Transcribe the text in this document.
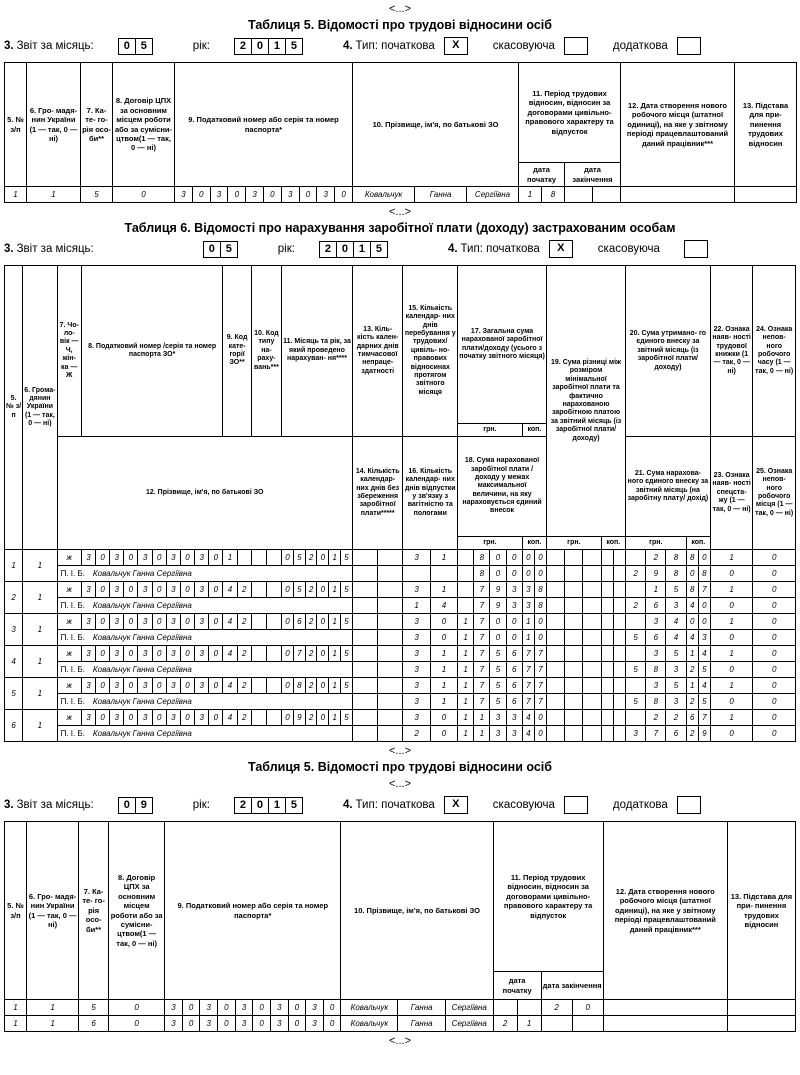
<...>
Таблиця 5. Відомості про трудові відносини осіб
3. Звіт за місяць:	0 5	рік:	2 0 1 5	4. Тип: початкова	X	скасовуюча
	додаткова

5. № з/п	6. Гро- мадя- нин України (1 — так, 0 — ні)	7. Ка- те- го- рія осо- би**	8. Договір ЦПХ за основним місцем роботи або за сумісни- цтвом(1 — так, 0 — ні)	9. Податковий номер або серія та номер паспорта*	10. Прізвище, ім'я, по батькові ЗО	11. Період трудових відносин, відносин за договорами цивільно-правового характеру та відпусток		12. Дата створення нового робочого місця (штатної одиниці), на яке у звітному періоді працевлаштований даний працівник***	13. Підстава для при- пинення трудових відносин
						дата початку	дата закінчення		
1	1	5	0	3	0	3	0	3	0	3	0	3	0	Ковальчук	Ганна	Сергіївна	1	8

<...>
Таблиця 6. Відомості про нарахування заробітної плати (доходу) застрахованим особам
3. Звіт за місяць:	0 5	рік:	2 0 1 5	4. Тип: початкова	X	скасовуюча

5. № з/п	6. Грома- дянин України (1 — так, 0 — ні)	7. Чо- ло- вік — Ч, жін- ка — Ж	8. Податковий номер /серія та номер паспорта ЗО*	9. Код кате- горії ЗО**	10. Код типу на- раху- вань***	11. Місяць та рік, за який проведено нарахуван- ня****	13. Кіль- кість кален- дарних днів тимчасової непраце- здатності	15. Кількість календар- них днів перебування у трудових/ цивіль- но-правових відносинах протягом звітного місяця	17. Загальна сума нарахованої заробітної плати/доходу (усього з початку звітного місяця)		19. Сума різниці між розміром мінімальної заробітної плати та фактично нарахованою заробітною платою за звітний місяць (із заробітної плати/ доходу)		20. Сума утримано- го єдиного внеску за звітний місяць (із заробітної плати/ доходу)		22. Ознака наяв- ності трудової книжки (1 — так, 0 — ні)	24. Ознака непов- ного робочого часу (1 — так, 0 — ні)
									грн.	коп.						
		12. Прізвище, ім'я, по батькові ЗО					14. Кількість календар- них днів без збереження заробітної плати*****	16. Кількість календар- них днів відпустки у зв'язку з вагітністю та пологами	18. Сума нарахованої заробітної плати / доходу у межах максимальної величини, на яку нараховується єдиний внесок				21. Сума нарахова- ного єдиного внеску за звітний місяць (на заробітну плату/ дохід)		23. Ознака наяв- ності спецста- жу (1 — так, 0 — ні)	25. Ознака непов- ного робочого місця (1 — так, 0 — ні)
									грн.	коп.	грн.	коп.	грн.	коп.		
1	1	ж	3	0	3	0	3	0	3	0	3	0	1		0 5 2 0 1 5		3	1	8	0	0	0 0			2	8	8 0	1	0
		П. І. Б. Ковальчук Ганна Сергіївна							8 0 0	0 0			2 9 8	0 8	0	0
2	1	ж	3	0	3	0	3	0	3	0	3	0	4	2		0 5 2 0 1 5		3	1	7	9	3	3 8			1	5	8 7	1	0
		П. І. Б. Ковальчук Ганна Сергіївна						1 4	7 9 3	3 8			2 6 3	4 0	0	0
3	1	ж	3	0	3	0	3	0	3	0	3	0	4	2		0 6 2 0 1 5		3	0	1	7	0	0	1 0			3	4	0 0	1	0
		П. І. Б. Ковальчук Ганна Сергіївна						3 0	1 7 0 0	1 0			5 6 4	4 3	0	0
4	1	ж	3	0	3	0	3	0	3	0	3	0	4	2		0 7 2 0 1 5		3	1	1	7	5	6	7 7			3	5	1 4	1	0
		П. І. Б. Ковальчук Ганна Сергіївна						3 1	1 7 5 6	7 7			5 8 3	2 5	0	0
5	1	ж	3	0	3	0	3	0	3	0	3	0	4	2		0 8 2 0 1 5		3	1	1	7	5	6	7 7			3	5	1 4	1	0
		П. І. Б. Ковальчук Ганна Сергіївна						3 1	1 7 5 6	7 7			5 8 3	2 5	0	0
6	1	ж	3	0	3	0	3	0	3	0	3	0	4	2		0 9 2 0 1 5		3	0	1	1	3	3	4 0			2	2	6 7	1	0
		П. І. Б. Ковальчук Ганна Сергіївна						2 0	1 1 3 3	4 0			3 7 6	2 9	0	0
<...>
Таблиця 5. Відомості про трудові відносини осіб
<...>
3. Звіт за місяць:	0 9	рік:	2 0 1 5	4. Тип: початкова	X	скасовуюча
	додаткова

5. № з/п	6. Гро- мадя- нин України (1 — так, 0 — ні)	7. Ка- те- го- рія осо- би**	8. Договір ЦПХ за основним місцем роботи або за сумісни- цтвом(1 — так, 0 — ні)	9. Податковий номер або серія та номер паспорта*	10. Прізвище, ім'я, по батькові ЗО	11. Період трудових відносин, відносин за договорами цивільно-правового характеру та відпусток		12. Дата створення нового робочого місця (штатної одиниці), на яке у звітному періоді працевлаштований даний працівник***	13. Підстава для при- пинення трудових відносин
						дата початку	дата закінчення		
1	1	5	0	3	0	3	0	3	0	3	0	3	0	Ковальчук	Ганна	Сергіївна		2	0

1	1	6	0	3	0	3	0	3	0	3	0	3	0	Ковальчук	Ганна	Сергіївна	2	1

<...>
